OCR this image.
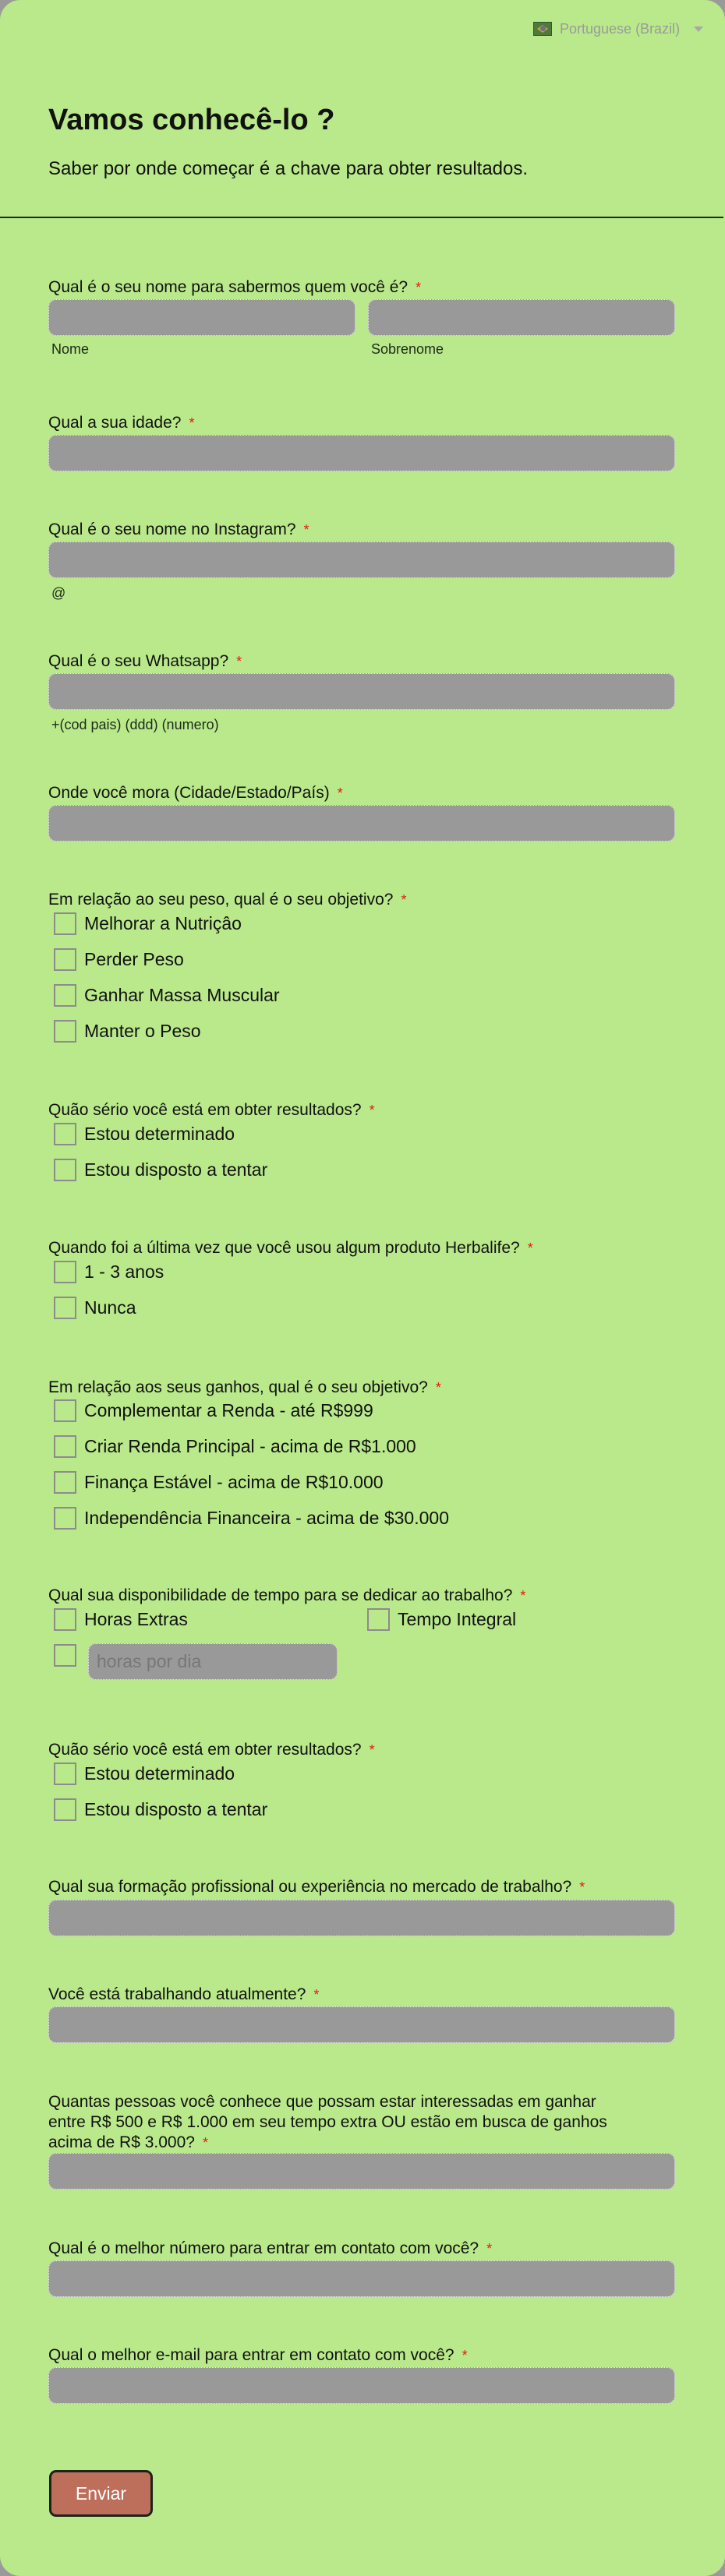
Portuguese (Brazil)
Vamos conhecê-lo ?
Saber por onde começar é a chave para obter resultados.
Qual é o seu nome para sabermos quem você é? *
Nome	Sobrenome
Qual a sua idade? *
Qual é o seu nome no Instagram? *
@
Qual é o seu Whatsapp? *
+(cod pais) (ddd) (numero)
Onde você mora (Cidade/Estado/País) *
Em relação ao seu peso, qual é o seu objetivo? *
Melhorar a Nutriçâo
Perder Peso
Ganhar Massa Muscular
Manter o Peso
Quão sério você está em obter resultados? *
Estou determinado
Estou disposto a tentar
Quando foi a última vez que você usou algum produto Herbalife? *
1 - 3 anos
Nunca
Em relação aos seus ganhos, qual é o seu objetivo? *
Complementar a Renda - até R$999
Criar Renda Principal - acima de R$1.000
Finança Estável - acima de R$10.000
Independência Financeira - acima de $30.000
Qual sua disponibilidade de tempo para se dedicar ao trabalho? *
Horas Extras	Tempo Integral
horas por dia
Quão sério você está em obter resultados? *
Estou determinado
Estou disposto a tentar
Qual sua formação profissional ou experiência no mercado de trabalho? *
Você está trabalhando atualmente? *
Quantas pessoas você conhece que possam estar interessadas em ganhar
entre R$ 500 e R$ 1.000 em seu tempo extra OU estão em busca de ganhos
acima de R$ 3.000? *
Qual é o melhor número para entrar em contato com você? *
Qual o melhor e-mail para entrar em contato com você? *
Enviar
